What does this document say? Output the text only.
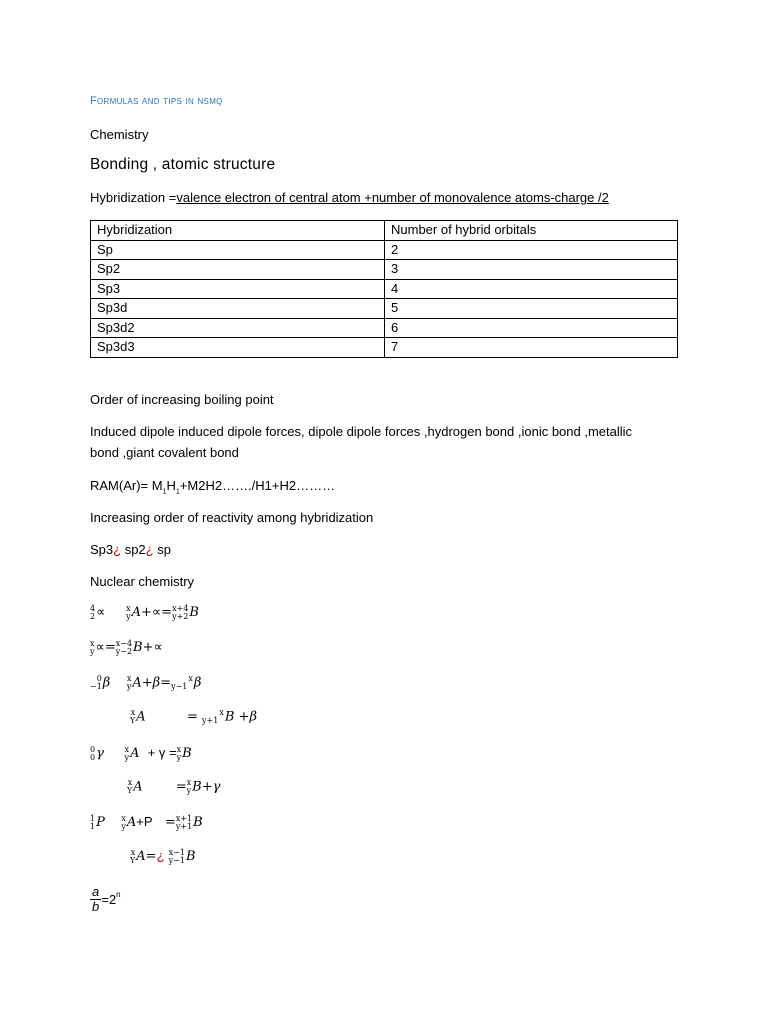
Formulas and tips in nsmq
Chemistry
Bonding , atomic structure
Hybridization =valence electron of central atom +number of monovalence atoms-charge /2
Hybridization	Number of hybrid orbitals
Sp	2
Sp2	3
Sp3	4
Sp3d	5
Sp3d2	6
Sp3d3	7
Order of increasing boiling point
Induced dipole induced dipole forces, dipole dipole forces ,hydrogen bond ,ionic bond ,metallic
bond ,giant covalent bond
$RAM(Ar)= M_1H_1+M2H2\dots\dots./H1+H2\dots\dots\dots$
Increasing order of reactivity among hybridization
Sp3¿ sp2¿ sp
Nuclear chemistry
4
2 ∝	x
y A+∝= x+4
y+2 B
x
y ∝= x−4
y−2 B+∝
0
−1 β x
y A+β=
y−1
x
β
x
Y A          =
y+1
x
B +β
0
0 γ x
y A  + γ = x
y B
x
Y A        = x
y B+γ
1
1 P x
y A+P   = x+1
y+1 B
x
Y A=¿ x−1
y−1 B
$\frac{a}{b} =2^n$
